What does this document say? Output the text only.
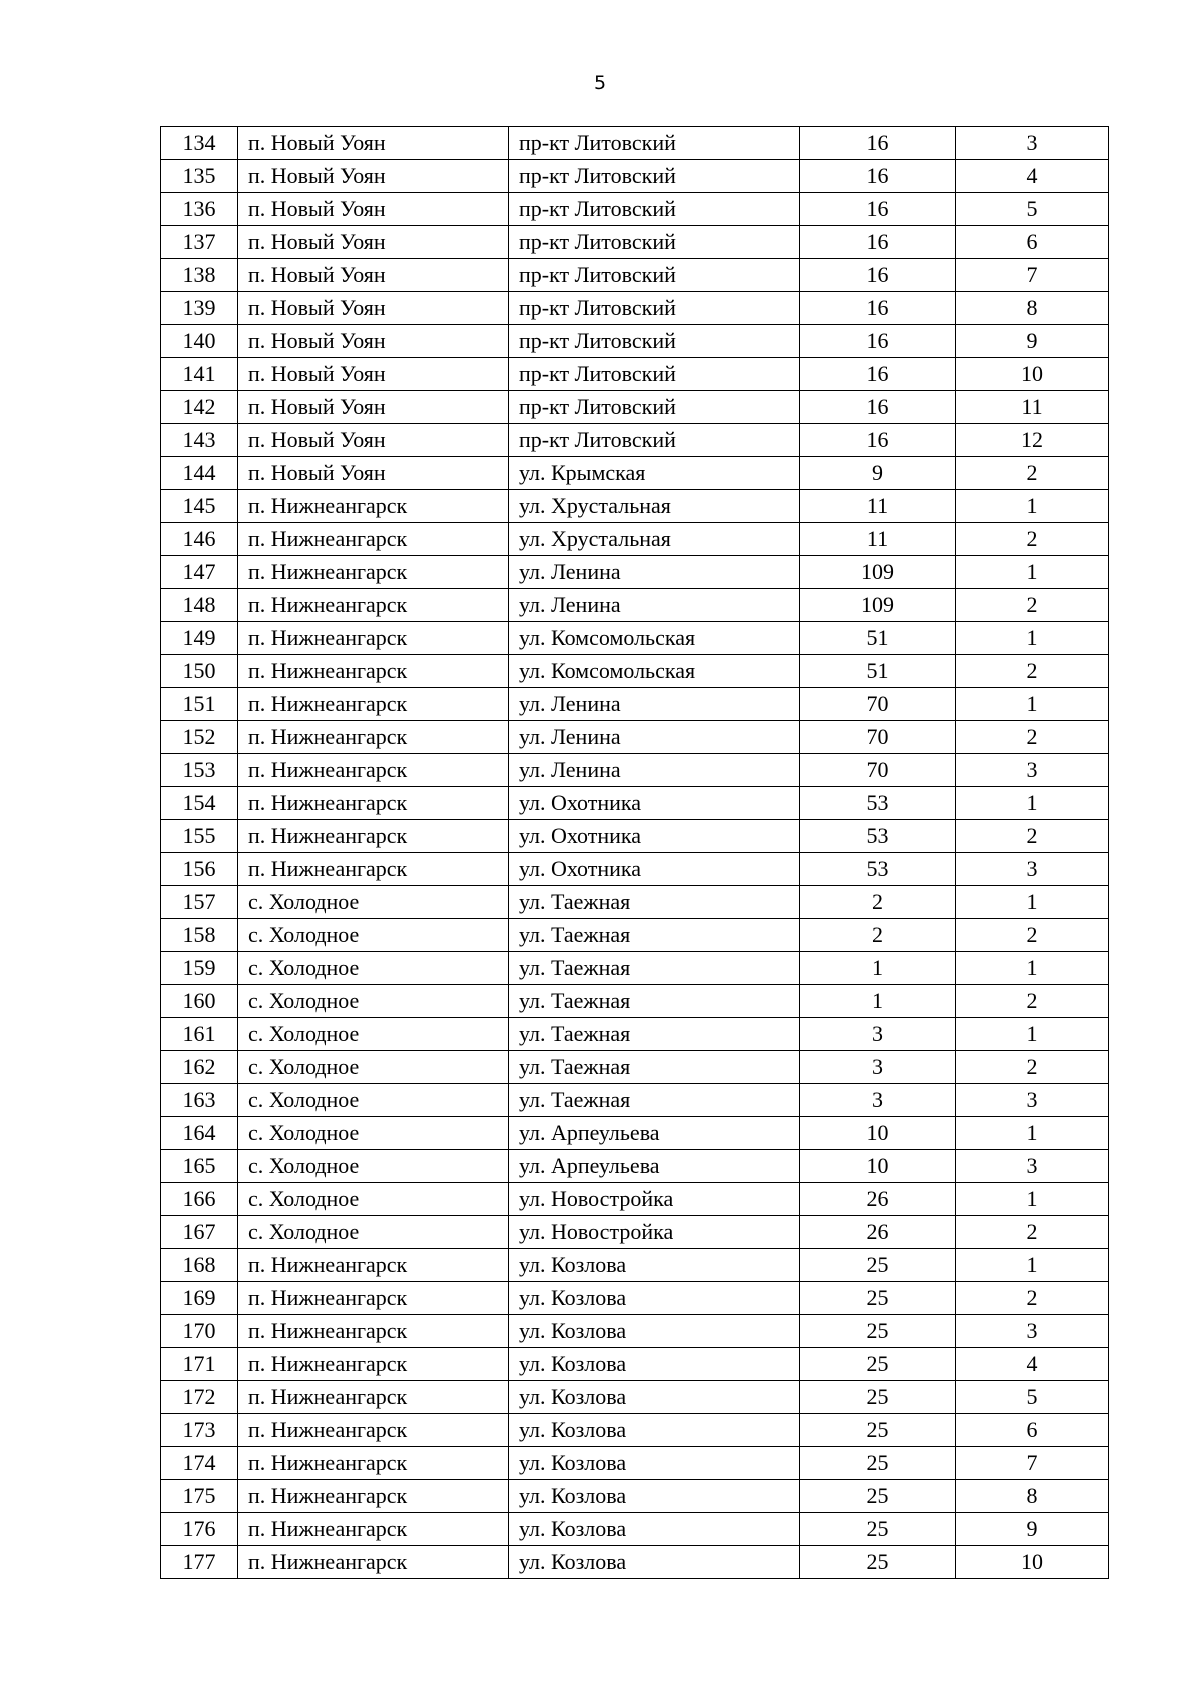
5
134	п. Новый Уоян	пр-кт Литовский	16	3
135	п. Новый Уоян	пр-кт Литовский	16	4
136	п. Новый Уоян	пр-кт Литовский	16	5
137	п. Новый Уоян	пр-кт Литовский	16	6
138	п. Новый Уоян	пр-кт Литовский	16	7
139	п. Новый Уоян	пр-кт Литовский	16	8
140	п. Новый Уоян	пр-кт Литовский	16	9
141	п. Новый Уоян	пр-кт Литовский	16	10
142	п. Новый Уоян	пр-кт Литовский	16	11
143	п. Новый Уоян	пр-кт Литовский	16	12
144	п. Новый Уоян	ул. Крымская	9	2
145	п. Нижнеангарск	ул. Хрустальная	11	1
146	п. Нижнеангарск	ул. Хрустальная	11	2
147	п. Нижнеангарск	ул. Ленина	109	1
148	п. Нижнеангарск	ул. Ленина	109	2
149	п. Нижнеангарск	ул. Комсомольская	51	1
150	п. Нижнеангарск	ул. Комсомольская	51	2
151	п. Нижнеангарск	ул. Ленина	70	1
152	п. Нижнеангарск	ул. Ленина	70	2
153	п. Нижнеангарск	ул. Ленина	70	3
154	п. Нижнеангарск	ул. Охотника	53	1
155	п. Нижнеангарск	ул. Охотника	53	2
156	п. Нижнеангарск	ул. Охотника	53	3
157	с. Холодное	ул. Таежная	2	1
158	с. Холодное	ул. Таежная	2	2
159	с. Холодное	ул. Таежная	1	1
160	с. Холодное	ул. Таежная	1	2
161	с. Холодное	ул. Таежная	3	1
162	с. Холодное	ул. Таежная	3	2
163	с. Холодное	ул. Таежная	3	3
164	с. Холодное	ул. Арпеульева	10	1
165	с. Холодное	ул. Арпеульева	10	3
166	с. Холодное	ул. Новостройка	26	1
167	с. Холодное	ул. Новостройка	26	2
168	п. Нижнеангарск	ул. Козлова	25	1
169	п. Нижнеангарск	ул. Козлова	25	2
170	п. Нижнеангарск	ул. Козлова	25	3
171	п. Нижнеангарск	ул. Козлова	25	4
172	п. Нижнеангарск	ул. Козлова	25	5
173	п. Нижнеангарск	ул. Козлова	25	6
174	п. Нижнеангарск	ул. Козлова	25	7
175	п. Нижнеангарск	ул. Козлова	25	8
176	п. Нижнеангарск	ул. Козлова	25	9
177	п. Нижнеангарск	ул. Козлова	25	10
